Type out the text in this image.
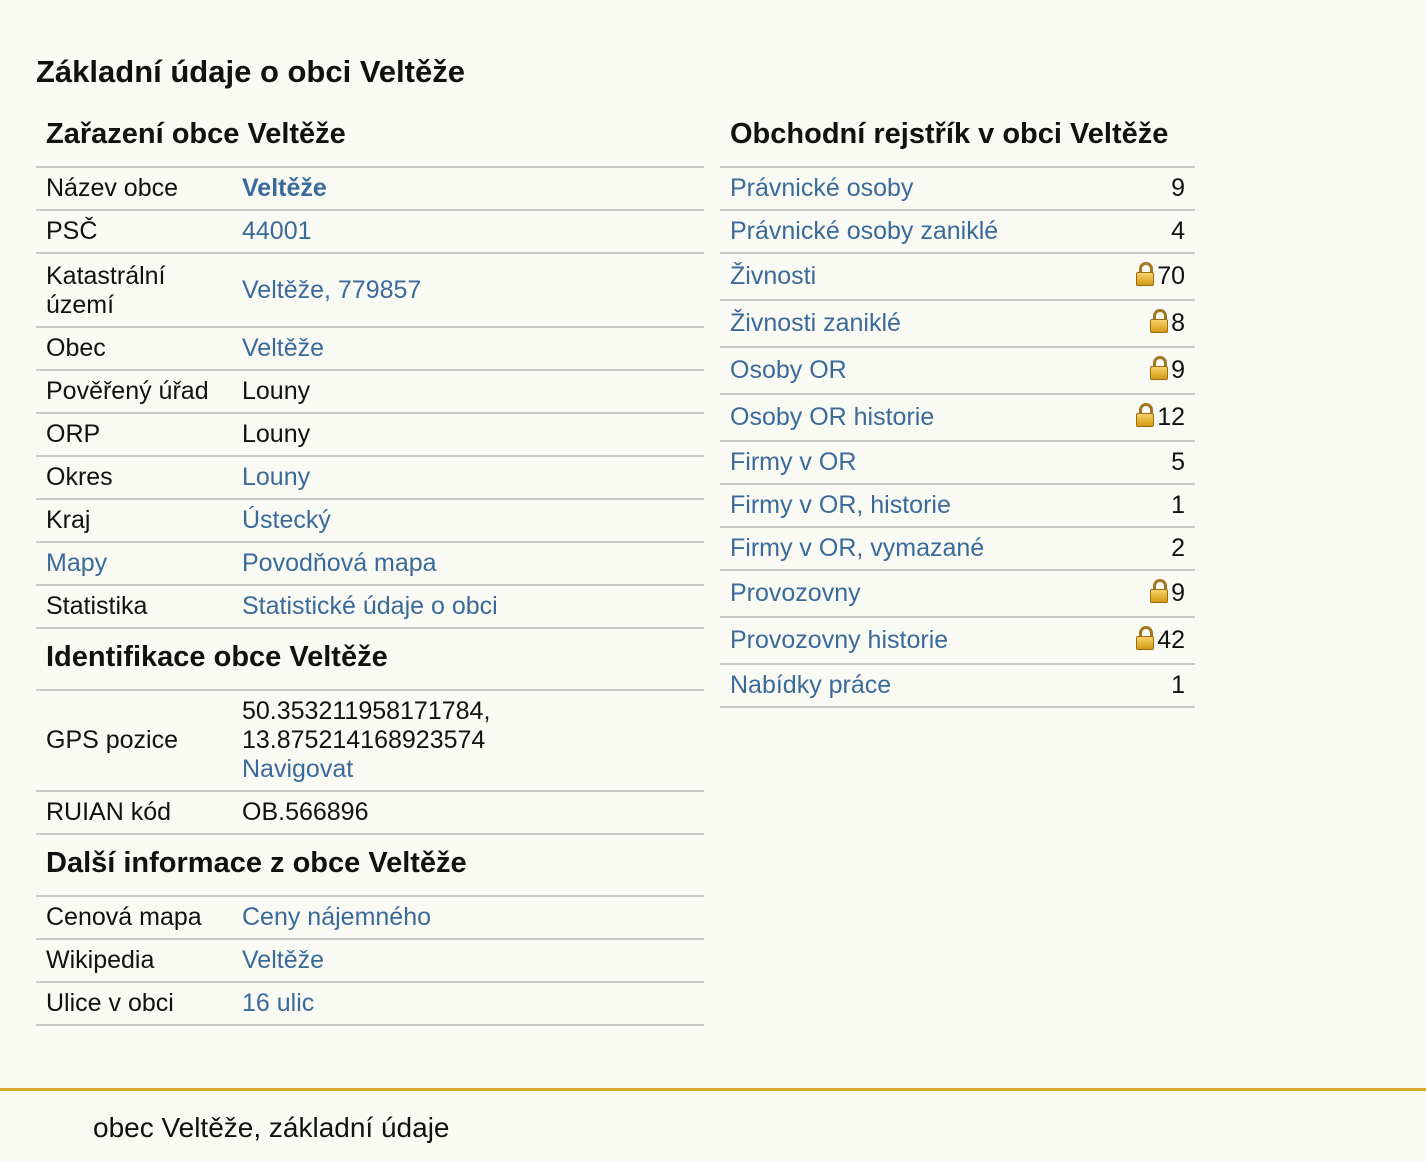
Základní údaje o obci Veltěže
Zařazení obce Veltěže
Název obce	Veltěže
PSČ	44001
Katastrální území	Veltěže, 779857
Obec	Veltěže
Pověřený úřad	Louny
ORP	Louny
Okres	Louny
Kraj	Ústecký
Mapy	Povodňová mapa
Statistika	Statistické údaje o obci
Identifikace obce Veltěže
GPS pozice	50.353211958171784,
13.875214168923574
Navigovat
RUIAN kód	OB.566896
Další informace z obce Veltěže
Cenová mapa	Ceny nájemného
Wikipedia	Veltěže
Ulice v obci	16 ulic
Obchodní rejstřík v obci Veltěže
Právnické osoby	9
Právnické osoby zaniklé	4
Živnosti	70
Živnosti zaniklé	8
Osoby OR	9
Osoby OR historie	12
Firmy v OR	5
Firmy v OR, historie	1
Firmy v OR, vymazané	2
Provozovny	9
Provozovny historie	42
Nabídky práce	1
obec Veltěže, základní údaje
